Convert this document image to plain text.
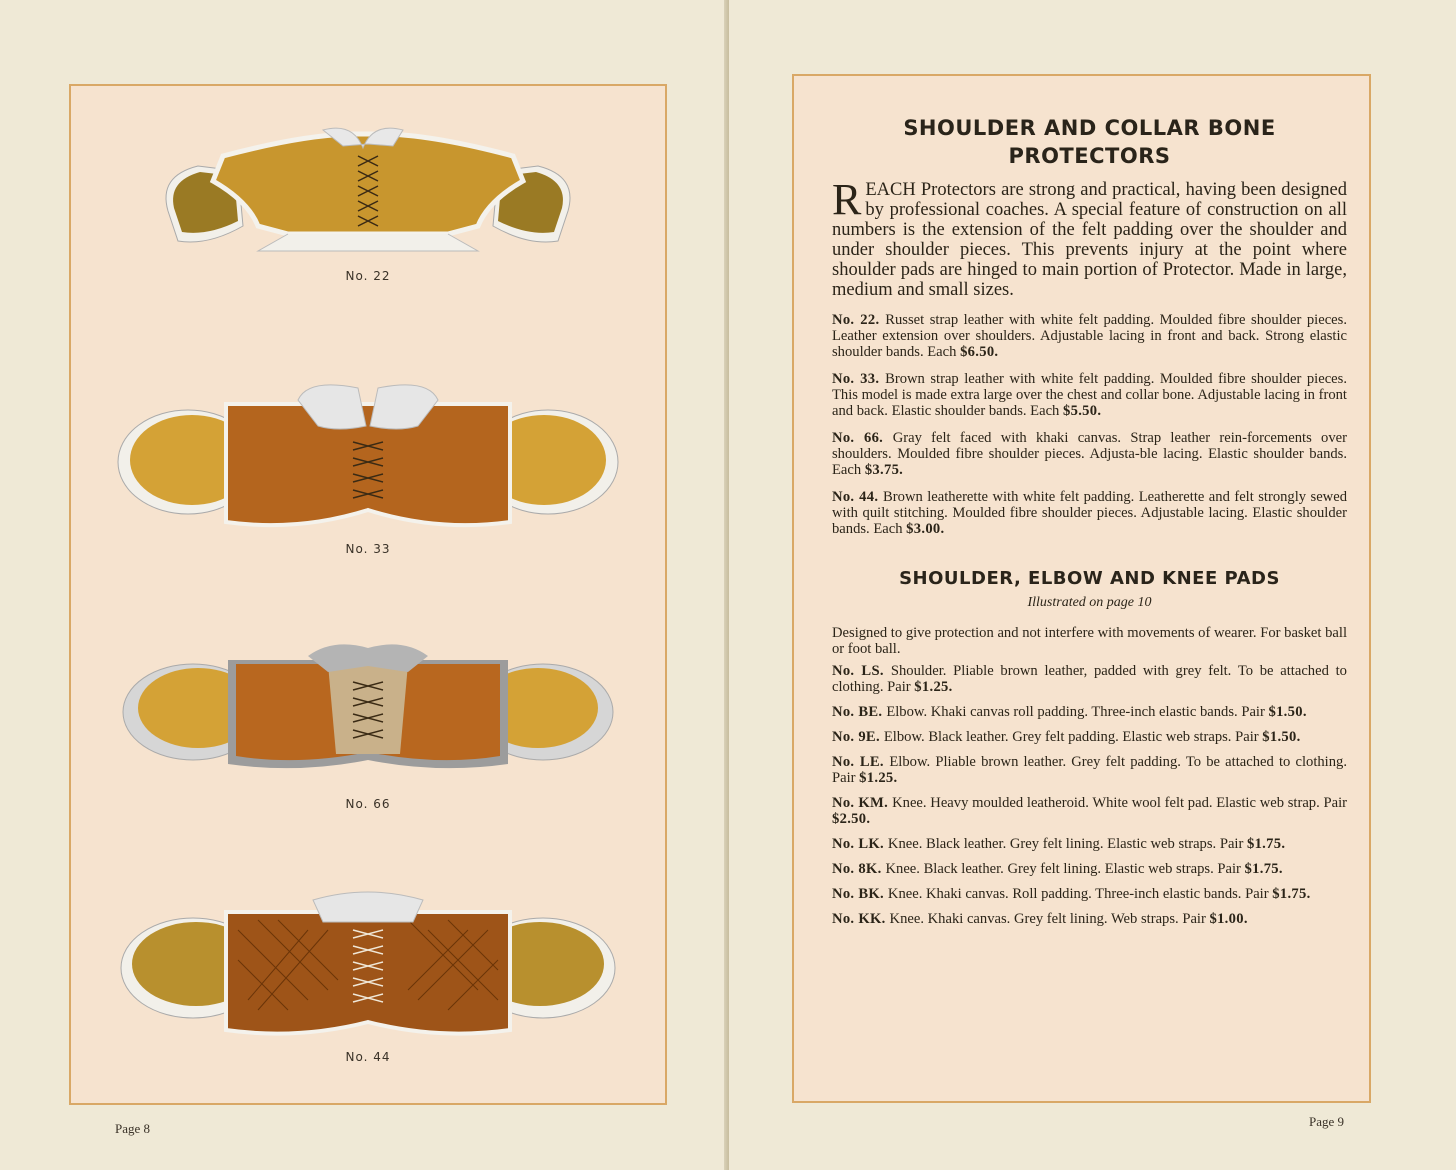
No. 22
No. 33
No. 66
No. 44
Page 8
SHOULDER AND COLLAR BONE PROTECTORS

REACH Protectors are strong and practical, having been designed by professional coaches. A special feature of construction on all numbers is the extension of the felt padding over the shoulder and under shoulder pieces. This prevents injury at the point where shoulder pads are hinged to main portion of Protector. Made in large, medium and small sizes.

No. 22. Russet strap leather with white felt padding. Moulded fibre shoulder pieces. Leather extension over shoulders. Adjustable lacing in front and back. Strong elastic shoulder bands. Each $6.50.

No. 33. Brown strap leather with white felt padding. Moulded fibre shoulder pieces. This model is made extra large over the chest and collar bone. Adjustable lacing in front and back. Elastic shoulder bands. Each $5.50.

No. 66. Gray felt faced with khaki canvas. Strap leather rein-forcements over shoulders. Moulded fibre shoulder pieces. Adjusta-ble lacing. Elastic shoulder bands. Each $3.75.

No. 44. Brown leatherette with white felt padding. Leatherette and felt strongly sewed with quilt stitching. Moulded fibre shoulder pieces. Adjustable lacing. Elastic shoulder bands. Each $3.00.

SHOULDER, ELBOW AND KNEE PADS
Illustrated on page 10

Designed to give protection and not interfere with movements of wearer. For basket ball or foot ball.

No. LS. Shoulder. Pliable brown leather, padded with grey felt. To be attached to clothing. Pair $1.25.

No. BE. Elbow. Khaki canvas roll padding. Three-inch elastic bands. Pair $1.50.

No. 9E. Elbow. Black leather. Grey felt padding. Elastic web straps. Pair $1.50.

No. LE. Elbow. Pliable brown leather. Grey felt padding. To be attached to clothing. Pair $1.25.

No. KM. Knee. Heavy moulded leatheroid. White wool felt pad. Elastic web strap. Pair $2.50.

No. LK. Knee. Black leather. Grey felt lining. Elastic web straps. Pair $1.75.

No. 8K. Knee. Black leather. Grey felt lining. Elastic web straps. Pair $1.75.

No. BK. Knee. Khaki canvas. Roll padding. Three-inch elastic bands. Pair $1.75.

No. KK. Knee. Khaki canvas. Grey felt lining. Web straps. Pair $1.00.

Page 9
